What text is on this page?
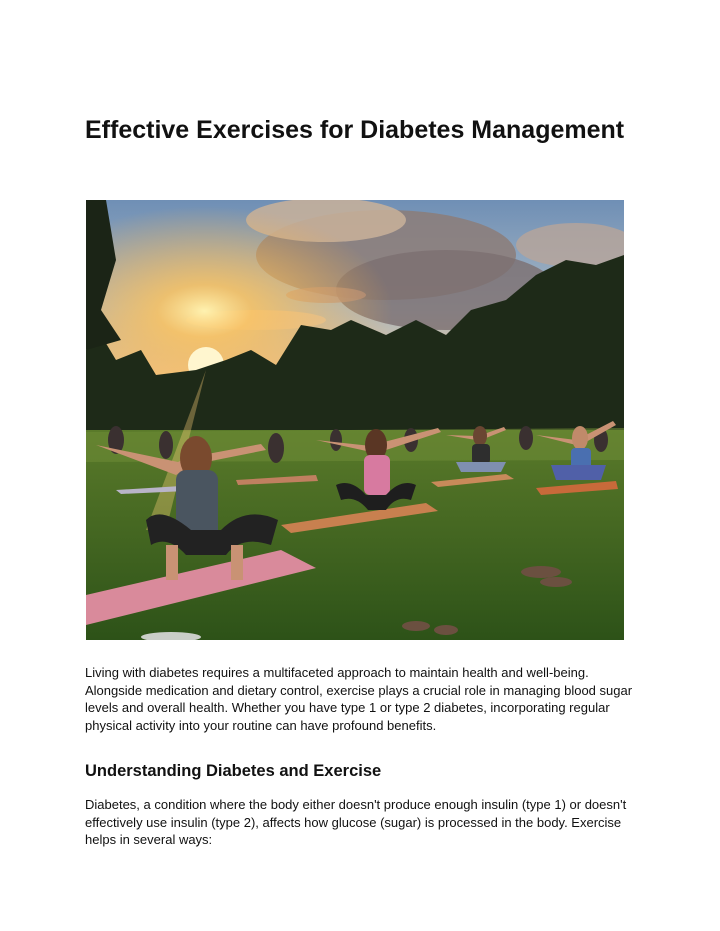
Effective Exercises for Diabetes Management

Living with diabetes requires a multifaceted approach to maintain health and well-being. Alongside medication and dietary control, exercise plays a crucial role in managing blood sugar levels and overall health. Whether you have type 1 or type 2 diabetes, incorporating regular physical activity into your routine can have profound benefits.

Understanding Diabetes and Exercise

Diabetes, a condition where the body either doesn't produce enough insulin (type 1) or doesn't effectively use insulin (type 2), affects how glucose (sugar) is processed in the body. Exercise helps in several ways:
